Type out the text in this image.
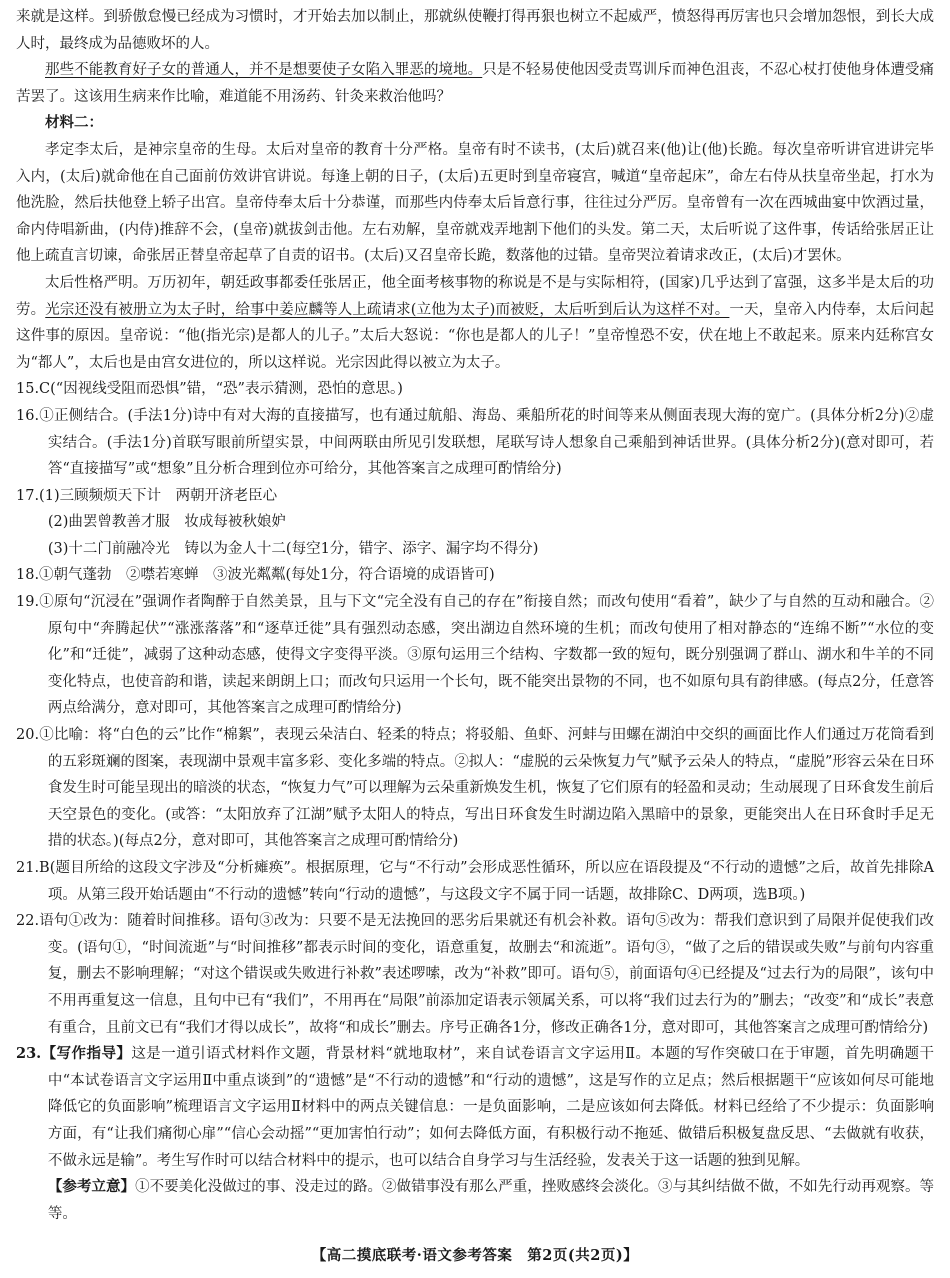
来就是这样。到骄傲怠慢已经成为习惯时，才开始去加以制止，那就纵使鞭打得再狠也树立不起威严，愤怒得再厉害也只会增加怨恨，到长大成人时，最终成为品德败坏的人。

那些不能教育好子女的普通人，并不是想要使子女陷入罪恶的境地。只是不轻易使他因受责骂训斥而神色沮丧，不忍心杖打使他身体遭受痛苦罢了。这该用生病来作比喻，难道能不用汤药、针灸来救治他吗？

材料二：

孝定李太后，是神宗皇帝的生母。太后对皇帝的教育十分严格。皇帝有时不读书，(太后)就召来(他)让(他)长跪。每次皇帝听讲官进讲完毕入内，(太后)就命他在自己面前仿效讲官讲说。每逢上朝的日子，(太后)五更时到皇帝寝宫，喊道“皇帝起床”，命左右侍从扶皇帝坐起，打水为他洗脸，然后扶他登上轿子出宫。皇帝侍奉太后十分恭谨，而那些内侍奉太后旨意行事，往往过分严厉。皇帝曾有一次在西城曲宴中饮酒过量，命内侍唱新曲，(内侍)推辞不会，(皇帝)就拔剑击他。左右劝解，皇帝就戏弄地割下他们的头发。第二天，太后听说了这件事，传话给张居正让他上疏直言切谏，命张居正替皇帝起草了自责的诏书。(太后)又召皇帝长跪，数落他的过错。皇帝哭泣着请求改正，(太后)才罢休。

太后性格严明。万历初年，朝廷政事都委任张居正，他全面考核事物的称说是不是与实际相符，(国家)几乎达到了富强，这多半是太后的功劳。光宗还没有被册立为太子时，给事中姜应麟等人上疏请求(立他为太子)而被贬，太后听到后认为这样不对。一天，皇帝入内侍奉，太后问起这件事的原因。皇帝说：“他(指光宗)是都人的儿子。”太后大怒说：“你也是都人的儿子！”皇帝惶恐不安，伏在地上不敢起来。原来内廷称宫女为“都人”，太后也是由宫女进位的，所以这样说。光宗因此得以被立为太子。

15.C(“因视线受阻而恐惧”错，“恐”表示猜测，恐怕的意思。)

16.①正侧结合。(手法1分)诗中有对大海的直接描写，也有通过航船、海岛、乘船所花的时间等来从侧面表现大海的宽广。(具体分析2分)②虚实结合。(手法1分)首联写眼前所望实景，中间两联由所见引发联想，尾联写诗人想象自己乘船到神话世界。(具体分析2分)(意对即可，若答“直接描写”或“想象”且分析合理到位亦可给分，其他答案言之成理可酌情给分)

17.(1)三顾频烦天下计　两朝开济老臣心

(2)曲罢曾教善才服　妆成每被秋娘妒

(3)十二门前融冷光　铸以为金人十二(每空1分，错字、添字、漏字均不得分)

18.①朝气蓬勃　②噤若寒蝉　③波光粼粼(每处1分，符合语境的成语皆可)

19.①原句“沉浸在”强调作者陶醉于自然美景，且与下文“完全没有自己的存在”衔接自然；而改句使用“看着”，缺少了与自然的互动和融合。②原句中“奔腾起伏”“涨涨落落”和“逐草迁徙”具有强烈动态感，突出湖边自然环境的生机；而改句使用了相对静态的“连绵不断”“水位的变化”和“迁徙”，减弱了这种动态感，使得文字变得平淡。③原句运用三个结构、字数都一致的短句，既分别强调了群山、湖水和牛羊的不同变化特点，也使音韵和谐，读起来朗朗上口；而改句只运用一个长句，既不能突出景物的不同，也不如原句具有韵律感。(每点2分，任意答两点给满分，意对即可，其他答案言之成理可酌情给分)

20.①比喻：将“白色的云”比作“棉絮”，表现云朵洁白、轻柔的特点；将驳船、鱼虾、河蚌与田螺在湖泊中交织的画面比作人们通过万花筒看到的五彩斑斓的图案，表现湖中景观丰富多彩、变化多端的特点。②拟人：“虚脱的云朵恢复力气”赋予云朵人的特点，“虚脱”形容云朵在日环食发生时可能呈现出的暗淡的状态，“恢复力气”可以理解为云朵重新焕发生机，恢复了它们原有的轻盈和灵动；生动展现了日环食发生前后天空景色的变化。(或答：“太阳放弃了江湖”赋予太阳人的特点，写出日环食发生时湖边陷入黑暗中的景象，更能突出人在日环食时手足无措的状态。)(每点2分，意对即可，其他答案言之成理可酌情给分)

21.B(题目所给的这段文字涉及“分析瘫痪”。根据原理，它与“不行动”会形成恶性循环，所以应在语段提及“不行动的遗憾”之后，故首先排除A项。从第三段开始话题由“不行动的遗憾”转向“行动的遗憾”，与这段文字不属于同一话题，故排除C、D两项，选B项。)

22.语句①改为：随着时间推移。语句③改为：只要不是无法挽回的恶劣后果就还有机会补救。语句⑤改为：帮我们意识到了局限并促使我们改变。(语句①，“时间流逝”与“时间推移”都表示时间的变化，语意重复，故删去“和流逝”。语句③，“做了之后的错误或失败”与前句内容重复，删去不影响理解；“对这个错误或失败进行补救”表述啰嗦，改为“补救”即可。语句⑤，前面语句④已经提及“过去行为的局限”，该句中不用再重复这一信息，且句中已有“我们”，不用再在“局限”前添加定语表示领属关系，可以将“我们过去行为的”删去；“改变”和“成长”表意有重合，且前文已有“我们才得以成长”，故将“和成长”删去。序号正确各1分，修改正确各1分，意对即可，其他答案言之成理可酌情给分)

23.【写作指导】这是一道引语式材料作文题，背景材料“就地取材”，来自试卷语言文字运用Ⅱ。本题的写作突破口在于审题，首先明确题干中“本试卷语言文字运用Ⅱ中重点谈到”的“遗憾”是“不行动的遗憾”和“行动的遗憾”，这是写作的立足点；然后根据题干“应该如何尽可能地降低它的负面影响”梳理语言文字运用Ⅱ材料中的两点关键信息：一是负面影响，二是应该如何去降低。材料已经给了不少提示：负面影响方面，有“让我们痛彻心扉”“信心会动摇”“更加害怕行动”；如何去降低方面，有积极行动不拖延、做错后积极复盘反思、“去做就有收获，不做永远是输”。考生写作时可以结合材料中的提示，也可以结合自身学习与生活经验，发表关于这一话题的独到见解。

【参考立意】①不要美化没做过的事、没走过的路。②做错事没有那么严重，挫败感终会淡化。③与其纠结做不做，不如先行动再观察。等等。

【高二摸底联考·语文参考答案　第2页(共2页)】
